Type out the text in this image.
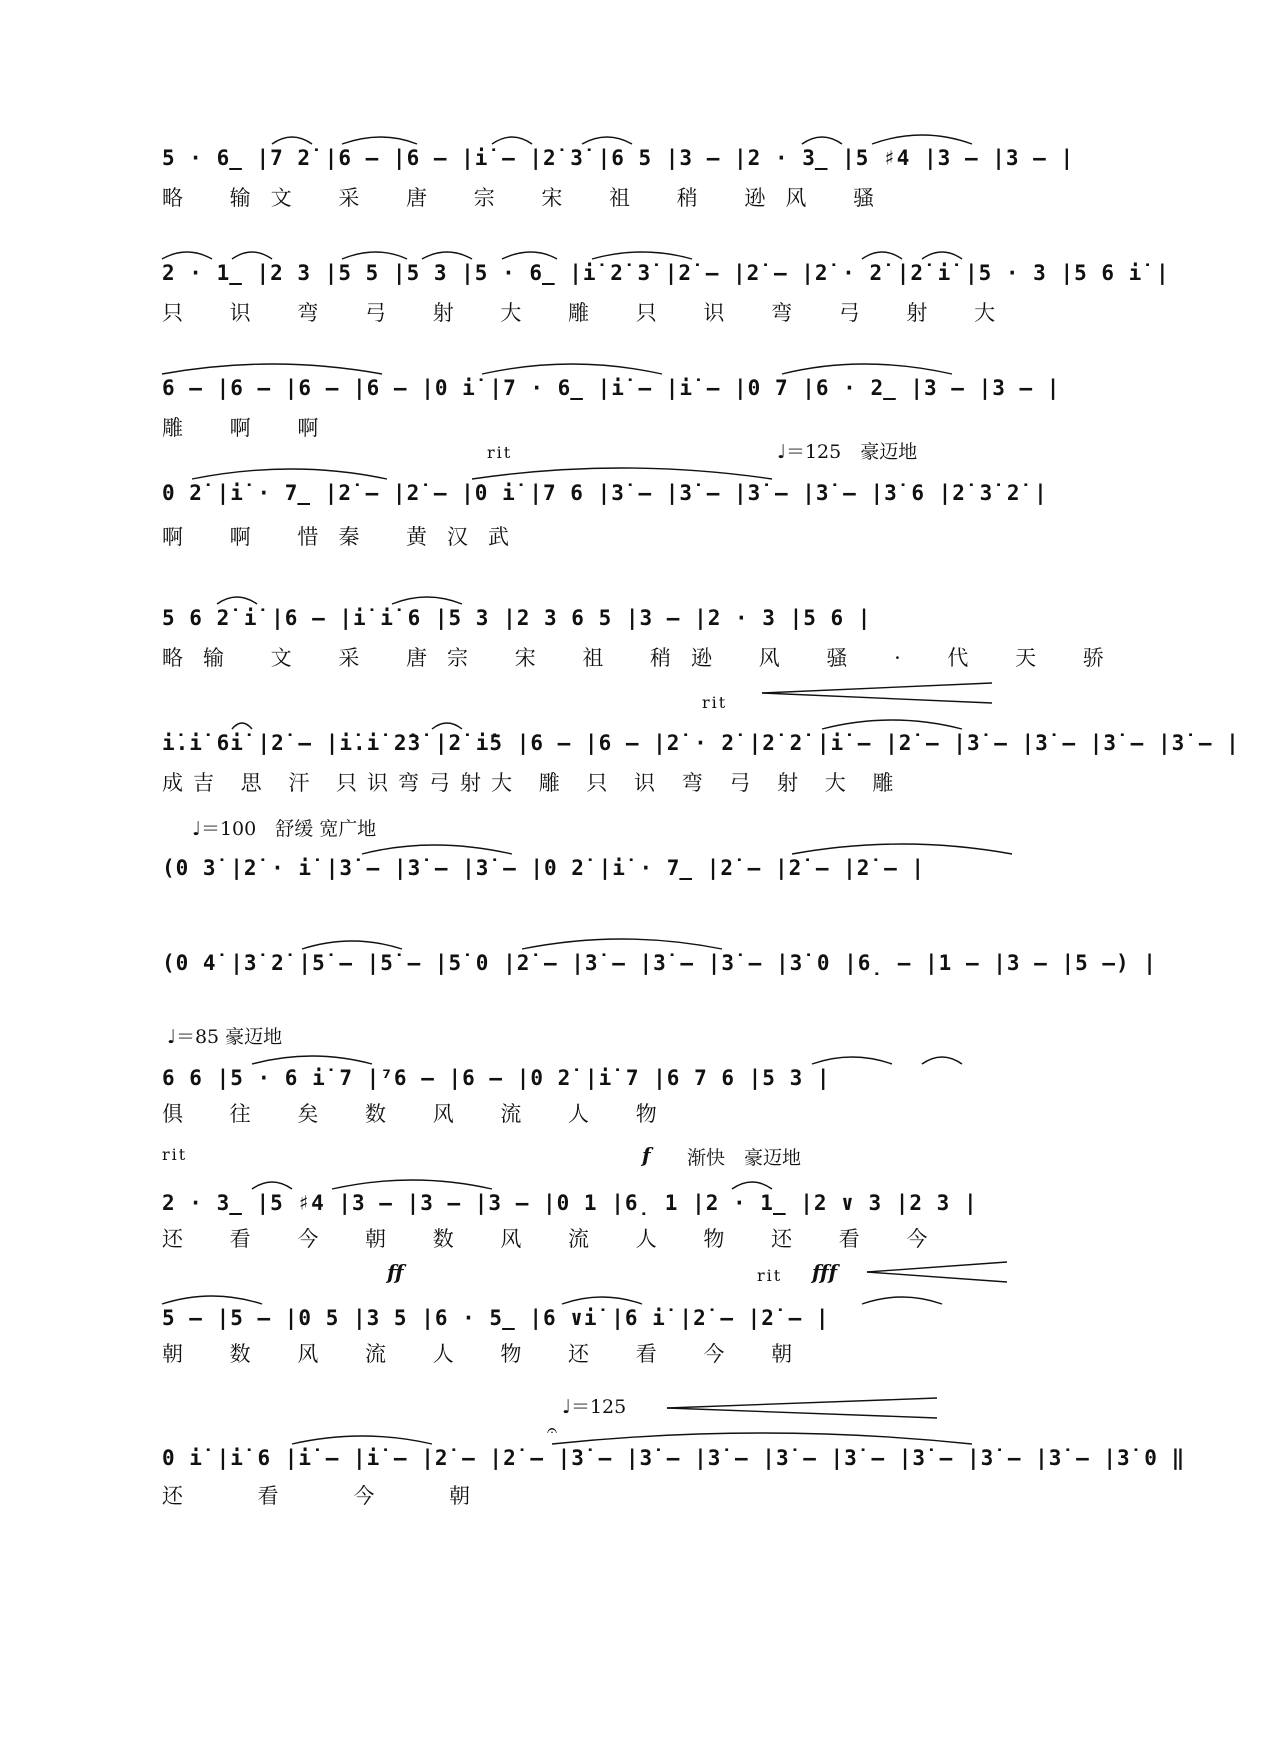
5 · 6̲ |7 2̇ |6 – |6 – |i̇ – |2̇ 3̇ |6 5 |3 – |2 · 3̲ |5 ♯4 |3 – |3 – |
略 输文 采 唐 宗 宋 祖 稍 逊风 骚
2 · 1̲ |2 3 |5 5 |5 3 |5 · 6̲ |i̇ 2̇ 3̇ |2̇ – |2̇ – |2̇ · 2̇ |2̇ i̇ |5 · 3 |5 6 i̇ |
只 识 弯 弓 射 大 雕 只 识 弯 弓 射 大
6 – |6 – |6 – |6 – |0 i̇ |7 · 6̲ |i̇ – |i̇ – |0 7 |6 · 2̲ |3 – |3 – |
雕 啊 啊
rit	♩＝125　豪迈地
0 2̇ |i̇ · 7̲ |2̇ – |2̇ – |0 i̇ |7 6 |3̇ – |3̇ – |3̇ – |3̇ – |3̇ 6 |2̇ 3̇ 2̇ |
啊 啊 惜秦 黄汉武
5 6 2̇ i̇ |6 – |i̇ i̇ 6 |5 3 |2 3 6 5 |3 – |2 · 3 |5 6 |
略输 文 采 唐宗 宋 祖 稍逊 风 骚 · 代 天 骄
rit
i̇.i̇ 6i̇ |2̇ – |i̇.i̇ 2̇3̇ |2̇ i̇5 |6 – |6 – |2̇ · 2̇ |2̇ 2̇ |i̇ – |2̇ – |3̇ – |3̇ – |3̇ – |3̇ – |
成吉 思 汗 只识弯弓射大 雕 只 识 弯 弓 射 大 雕
♩＝100　舒缓 宽广地
(0 3̇ |2̇ · i̇ |3̇ – |3̇ – |3̇ – |0 2̇ |i̇ · 7̲ |2̇ – |2̇ – |2̇ – |
(0 4̇ |3̇ 2̇ |5̇ – |5̇ – |5̇ 0 |2̇ – |3̇ – |3̇ – |3̇ – |3̇ 0 |6̣ – |1 – |3 – |5 –) |
♩＝85 豪迈地
6 6 |5 · 6 i̇ 7 |⁷6 – |6 – |0 2̇ |i̇ 7 |6 7 6 |5 3 |
俱 往 矣 数 风 流 人 物
rit	f 渐快　豪迈地
2 · 3̲ |5 ♯4 |3 – |3 – |3 – |0 1 |6̣ 1 |2 · 1̲ |2 ∨ 3 |2 3 |
还 看 今 朝 数 风 流 人 物 还 看 今
ff	rit fff
5 – |5 – |0 5 |3 5 |6 · 5̲ |6 ∨i̇ |6 i̇ |2̇ – |2̇ – |
朝 数 风 流 人 物 还 看 今 朝
♩＝125
𝄐
0 i̇ |i̇ 6 |i̇ – |i̇ – |2̇ – |2̇ – |3̇ – |3̇ – |3̇ – |3̇ – |3̇ – |3̇ – |3̇ – |3̇ – |3̇ 0 ‖
还 看 今 朝
